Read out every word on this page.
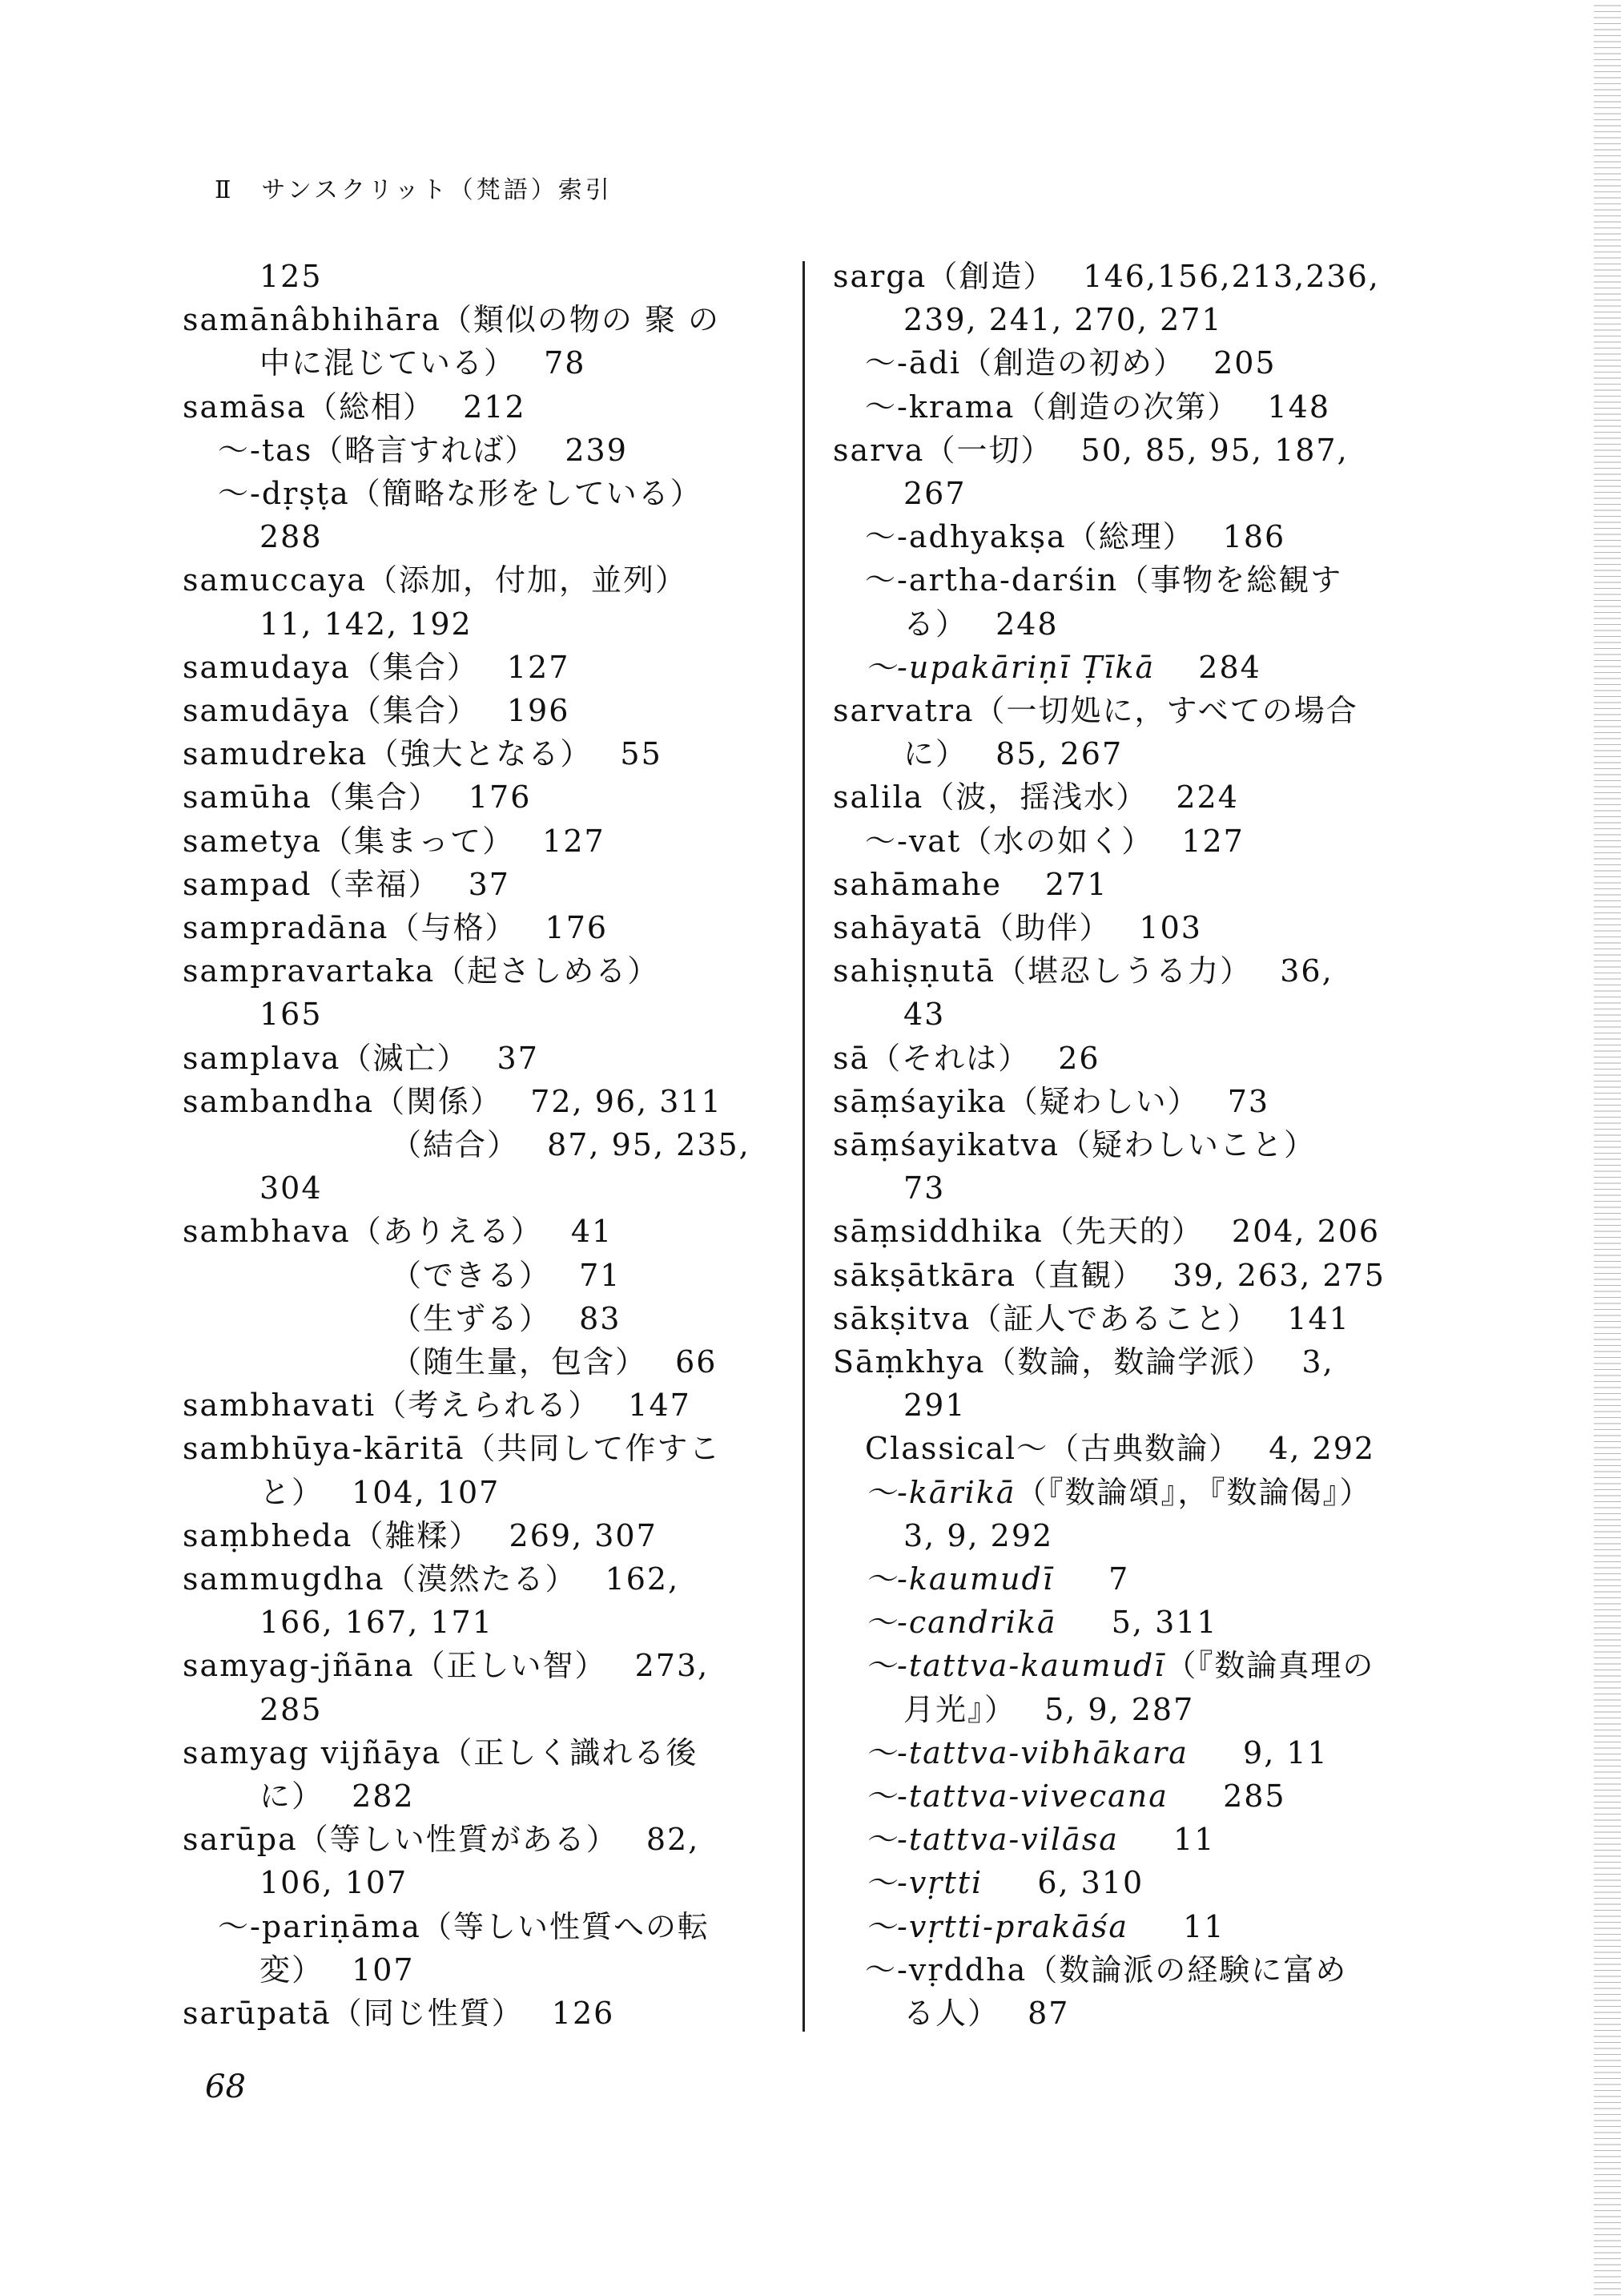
Ⅱ　サンスクリット（梵語）索引
125
samānâbhihāra（類似の物の 聚 の
中に混じている）　 78
samāsa（総相）　 212
～-tas（略言すれば）　 239
～-dṛṣṭa（簡略な形をしている）
288
samuccaya（添加，付加，並列）
11, 142, 192
samudaya（集合）　 127
samudāya（集合）　 196
samudreka（強大となる）　 55
samūha（集合）　 176
sametya（集まって）　 127
sampad（幸福）　 37
sampradāna（与格）　 176
sampravartaka（起さしめる）
165
samplava（滅亡）　 37
sambandha（関係）　 72, 96, 311
（結合）　 87, 95, 235,
304
sambhava（ありえる）　 41
（できる）　 71
（生ずる）　 83
（随生量，包含）　 66
sambhavati（考えられる）　 147
sambhūya-kāritā（共同して作すこ
と）　 104, 107
saṃbheda（雑糅）　 269, 307
sammugdha（漠然たる）　 162,
166, 167, 171
samyag-jñāna（正しい智）　 273,
285
samyag vijñāya（正しく識れる後
に）　 282
sarūpa（等しい性質がある）　 82,
106, 107
～-pariṇāma（等しい性質への転
変）　 107
sarūpatā（同じ性質）　 126
sarga（創造）　 146,156,213,236,
239, 241, 270, 271
～-ādi（創造の初め）　 205
～-krama（創造の次第）　 148
sarva（一切）　 50, 85, 95, 187,
267
～-adhyakṣa（総理）　 186
～-artha-darśin（事物を総観す
る）　 248
～-upakāriṇī Ṭīkā　 284
sarvatra（一切処に，すべての場合
に）　 85, 267
salila（波，揺浅水）　 224
～-vat（水の如く）　 127
sahāmahe　 271
sahāyatā（助伴）　 103
sahiṣṇutā（堪忍しうる力）　 36,
43
sā（それは）　 26
sāṃśayika（疑わしい）　 73
sāṃśayikatva（疑わしいこと）
73
sāṃsiddhika（先天的）　 204, 206
sākṣātkāra（直観）　 39, 263, 275
sākṣitva（証人であること）　 141
Sāṃkhya（数論，数論学派）　 3,
291
Classical～（古典数論）　 4, 292
～-kārikā（『数論頌』，『数論偈』）
3, 9, 292
～-kaumudī　  7
～-candrikā　  5, 311
～-tattva-kaumudī（『数論真理の
月光』）　 5, 9, 287
～-tattva-vibhākara　  9, 11
～-tattva-vivecana　  285
～-tattva-vilāsa　  11
～-vṛtti　  6, 310
～-vṛtti-prakāśa　  11
～-vṛddha（数論派の経験に富め
る人）　 87
68
